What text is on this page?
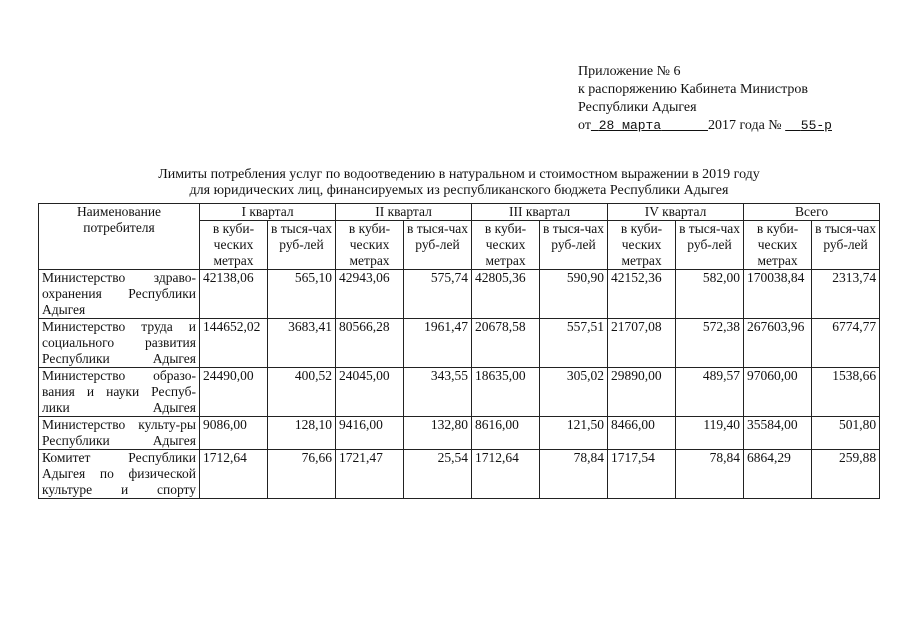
Приложение № 6
к распоряжению Кабинета Министров
Республики Адыгея
от 28 марта	2017 года № 55-р
Лимиты потребления услуг по водоотведению в натуральном и стоимостном выражении в 2019 году
для юридических лиц, финансируемых из республиканского бюджета Республики Адыгея
Наименование потребителя	I квартал		II квартал		III квартал		IV квартал		Всего	
	в куби-ческих метрах	в тыся-чах руб-лей	в куби-ческих метрах	в тыся-чах руб-лей	в куби-ческих метрах	в тыся-чах руб-лей	в куби-ческих метрах	в тыся-чах руб-лей	в куби-ческих метрах	в тыся-чах руб-лей
Министерство здраво-охранения Республики Адыгея	42138,06	565,10	42943,06	575,74	42805,36	590,90	42152,36	582,00	170038,84	2313,74
Министерство труда и социального развития Республики Адыгея	144652,02	3683,41	80566,28	1961,47	20678,58	557,51	21707,08	572,38	267603,96	6774,77
Министерство образо-вания и науки Респуб-лики Адыгея	24490,00	400,52	24045,00	343,55	18635,00	305,02	29890,00	489,57	97060,00	1538,66
Министерство культу-ры Республики Адыгея	9086,00	128,10	9416,00	132,80	8616,00	121,50	8466,00	119,40	35584,00	501,80
Комитет Республики Адыгея по физической культуре и спорту	1712,64	76,66	1721,47	25,54	1712,64	78,84	1717,54	78,84	6864,29	259,88
